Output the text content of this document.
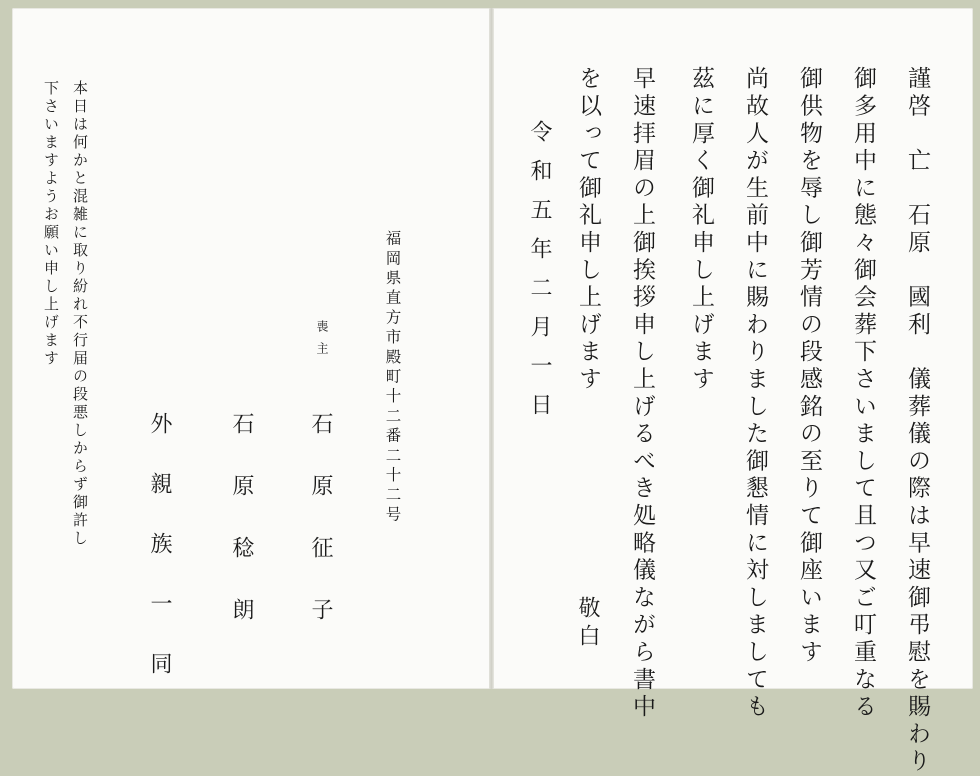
謹啓　亡　石原　國利　儀葬儀の際は早速御弔慰を賜わり
御多用中に態々御会葬下さいまして且つ又ご叮重なる
御供物を辱し御芳情の段感銘の至りて御座います
尚故人が生前中に賜わりました御懇情に対しましても
茲に厚く御礼申し上げます
早速拝眉の上御挨拶申し上げるべき処略儀ながら書中
を以って御礼申し上げます
敬白
令和五年二月一日
福岡県直方市殿町十二番二十二号
喪主
石原征子
石原稔朗
外親族一同
本日は何かと混雑に取り紛れ不行届の段悪しからず御許し
下さいますようお願い申し上げます
